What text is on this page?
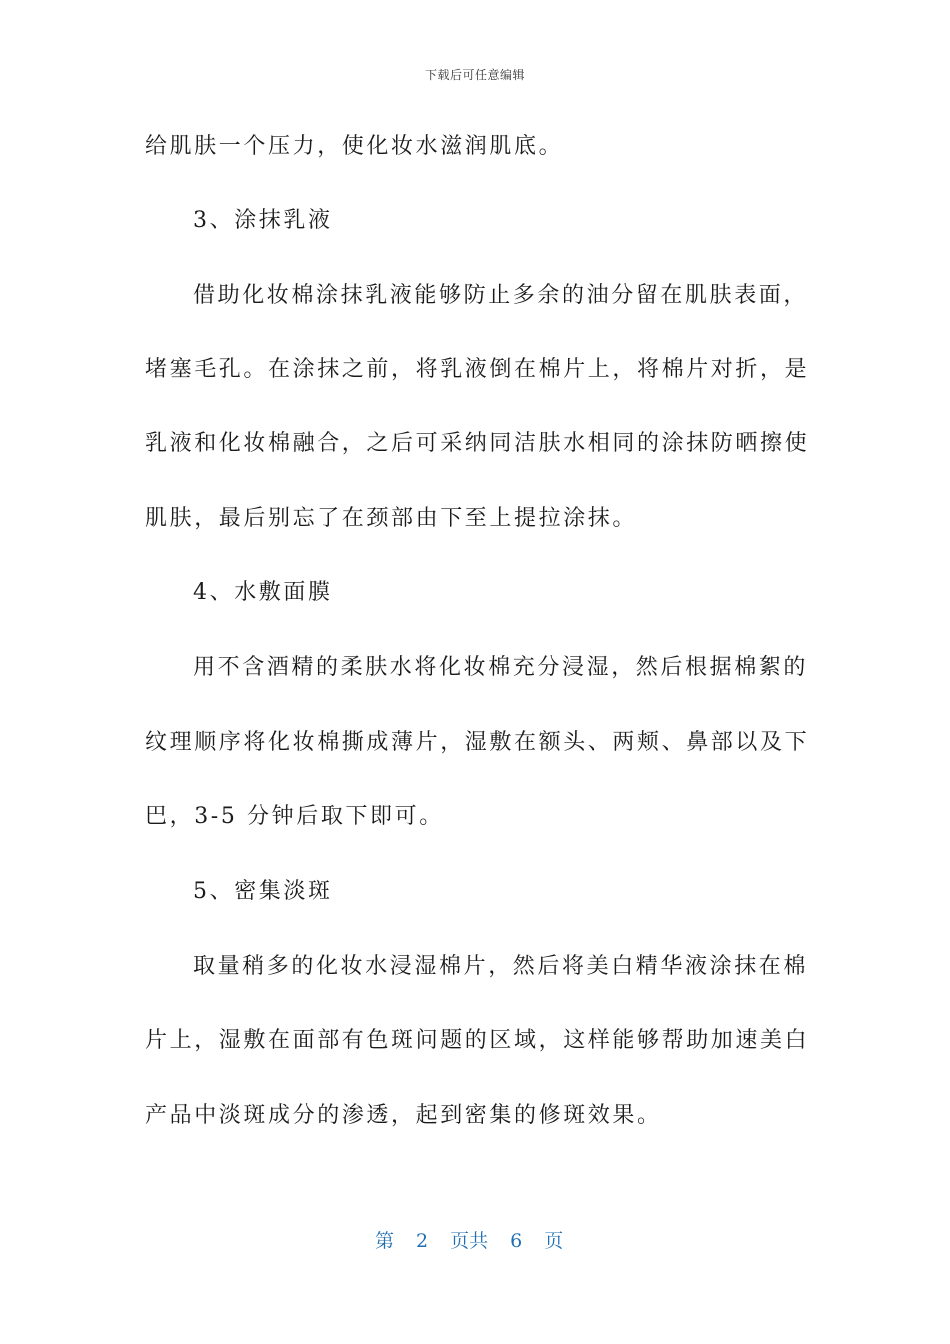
下载后可任意编辑
给肌肤一个压力，使化妆水滋润肌底。
3、涂抹乳液
借助化妆棉涂抹乳液能够防止多余的油分留在肌肤表面，
堵塞毛孔。在涂抹之前，将乳液倒在棉片上，将棉片对折，是
乳液和化妆棉融合，之后可采纳同洁肤水相同的涂抹防晒擦使
肌肤，最后别忘了在颈部由下至上提拉涂抹。
4、水敷面膜
用不含酒精的柔肤水将化妆棉充分浸湿，然后根据棉絮的
纹理顺序将化妆棉撕成薄片，湿敷在额头、两颊、鼻部以及下
巴，3-5 分钟后取下即可。
5、密集淡斑
取量稍多的化妆水浸湿棉片，然后将美白精华液涂抹在棉
片上，湿敷在面部有色斑问题的区域，这样能够帮助加速美白
产品中淡斑成分的渗透，起到密集的修斑效果。
第 2 页共 6 页
